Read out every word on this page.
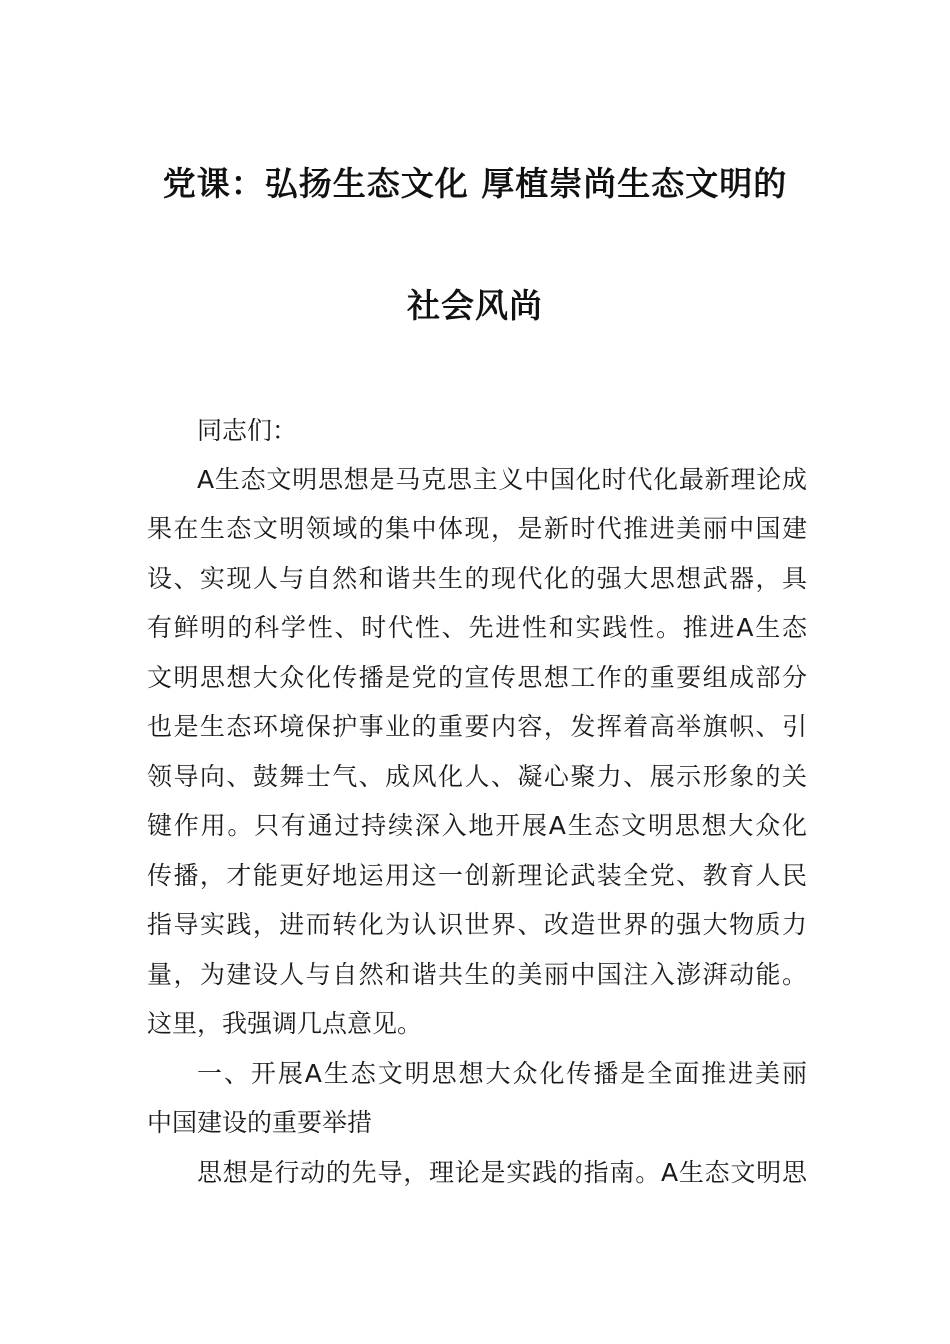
党课：弘扬生态文化 厚植崇尚生态文明的
社会风尚
同志们：
A生态文明思想是马克思主义中国化时代化最新理论成
果在生态文明领域的集中体现，是新时代推进美丽中国建
设、实现人与自然和谐共生的现代化的强大思想武器，具
有鲜明的科学性、时代性、先进性和实践性。推进A生态
文明思想大众化传播是党的宣传思想工作的重要组成部分
也是生态环境保护事业的重要内容，发挥着高举旗帜、引
领导向、鼓舞士气、成风化人、凝心聚力、展示形象的关
键作用。只有通过持续深入地开展A生态文明思想大众化
传播，才能更好地运用这一创新理论武装全党、教育人民
指导实践，进而转化为认识世界、改造世界的强大物质力
量，为建设人与自然和谐共生的美丽中国注入澎湃动能。
这里，我强调几点意见。
一、开展A生态文明思想大众化传播是全面推进美丽
中国建设的重要举措
思想是行动的先导，理论是实践的指南。A生态文明思
